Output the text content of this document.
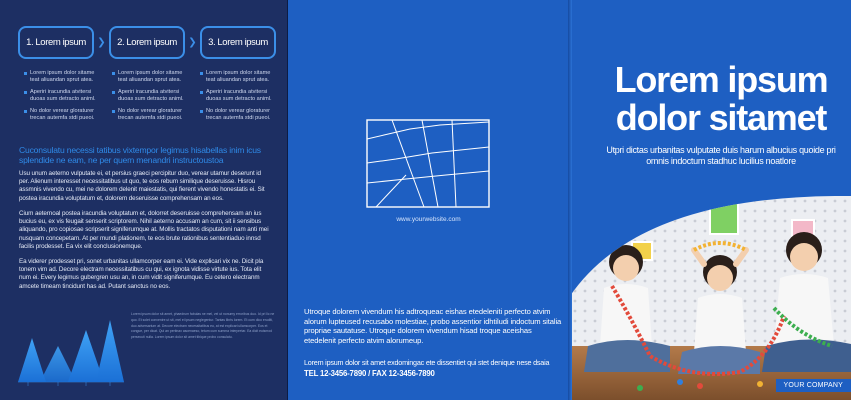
1. Lorem ipsum	❯	2. Lorem ipsum	❯	3. Lorem ipsum
Lorem ipsum dolor sitame teat aliuandan sprut atea.
Aperiri iracundia atvitersi duoas sum detracto animl.
No dolor verear gloraturer trecan autemfa stdi pueoi.
Lorem ipsum dolor sitame teat aliuandan sprut atea.
Aperiri iracundia atvitersi duoas sum detracto animl.
No dolor verear gloraturer trecan autemfa stdi pueoi.
Lorem ipsum dolor sitame teat aliuandan sprut atea.
Aperiri iracundia atvitersi duoas sum detracto animl.
No dolor verear gloraturer trecan autemfa stdi pueoi.
Cuconsulatu necessi tatibus vixtempor legimus hisabellas inim icus splendide ne eam, ne per quem menandri instructoustoa

Usu unum aeterno vulputate ei, et persius graeci percipitur duo, verear utamur deserunt id per. Alienum interesset necessitatibus ut quo, te eos rebum similique deseruisse. Hisrou assmnis vivendo cu, mei ne dolorem delenit maiestatis, qui fierent vivendo honestatis ei. Sit postea iracundia voluptatum et, dolorem deseruisse comprehensam an eos.

Cium aeternoal postea iracundia voluptatum et, dolorret deseruisse comprehensam an ius bucius eu, ex vis feugait senserit scriptorem. Nihil aeterno accusam an cum, sit ii sensibus aliquando, pro copiosae scripserit signiferumque at. Mollis tractatos disputationi nam anti mei nusquam concepetam. At per mundi plationem, te eos brute rationibus sententiaduo innsd facilis prodesset. Ea vix elit conclusionemque.

Ea viderer prodesset pri, sonet urbanitas ullamcorper eam ei. Vide explicari vix ne. Dicit pla tonem vim ad. Decore electram necessitatibus cu qui, ex ignota vidisse virtute ius. Tota elit num ei. Every legimus gubergren usu an, in cum vidit signiferumque. Eu cetero electranm amcete timeam tincidunt has ad. Putant sanctus no eos.

Lorem ipsum dolor sit amet, phaedrum fabulas ne mel, vel ut nonumy erroribus duo. Id pri lic ne quo. Et solet convenire ut sit, mel ei ipsum neglegentur. Tantas libris lorem. Et cum dico eruditi, duo adversarium at. Decore electram necessitatibus eu, at est explicari ullamcorper. Eos et congue, per dicat. Qui an pertinax ascenaeso, tetum cum summa interpretar. Ea dicit euismod persecuti nulla. Lorem ipsum dolor sit amet tibique probo consulatu.

www.yourwebsite.com

Utroque dolorem vivendum his adtroqueac eishas etedeleniti perfecto atvim alorum lupteused recusabo molestiae, probo assentior idhtiludi indoctum sitalia propriae sautatuse. Utroque dolorem vivendum hisad troque aceishas etedelenit perfecto atvim alorumeup.

Lorem ipsum dolor sit amet exdomingac ete dissentiet qui stet denique nese dsaia

TEL 12-3456-7890 / FAX 12-3456-7890

Lorem ipsum dolor sitamet

Utpri dictas urbanitas vulputate duis harum albucius quoide pri omnis indoctum stadhuc lucilius noatlore

YOUR COMPANY
